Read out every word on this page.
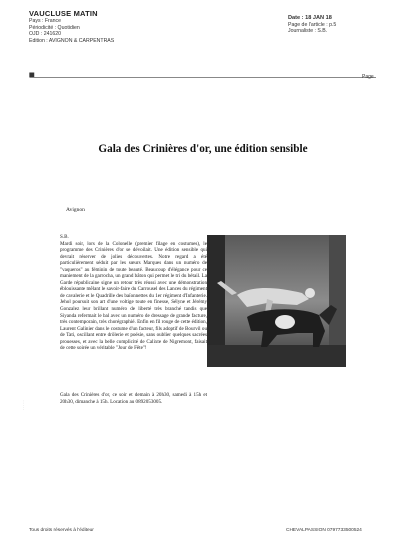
VAUCLUSE MATIN
Pays : France
Périodicité : Quotidien
OJD : 241620
Edition : AVIGNON & CARPENTRAS
Date : 18 JAN 18
Page de l'article : p.5
Journaliste : S.B.
⯀	Page
Gala des Crinières d'or, une édition sensible
Avignon

S.B.

Mardi soir, lors de la Colonelle (premier filage en costumes), le programme des Crinières d'or se dévoilait. Une édition sensible qui devrait réserver de jolies découvertes. Notre regard a été particulièrement séduit par les sœurs Marques dans un numéro de "vaqueros" au féminin de toute beauté. Beaucoup d'élégance pour ce maniement de la garrocha, un grand bâton qui permet le tri du bétail. La Garde républicaine signe un retour très réussi avec une démonstration éblouissante mêlant le savoir-faire du Carrousel des Lances du régiment de cavalerie et le Quadrille des baïonnettes du 1er régiment d'Infanterie. Jehol poursuit son art d'une voltige toute en finesse, Sélyne et Jérémy Gonzalez leur brillant numéro de liberté très branché tandis que Siyanda refermait le bal avec un numéro de dressage de grande facture, très contemporain, très chorégraphié. Enfin en fil rouge de cette édition, Laurent Galinier dans le costume d'un facteur, fils adoptif de Bourvil ou de Tati, oscillant entre drôlerie et poésie, sans oublier quelques sacrées prouesses, et avec la belle complicité de Calixte de Nigremont, faisait de cette soirée un véritable "Jour de Fête"!

Gala des Crinières d'or, ce soir et demain à 20h30, samedi à 15h et 20h30, dimanche à 15h. Location au 0892053005.
· · · · ·
Tous droits réservés à l'éditeur	CHEVALPASSION 0797733500524
